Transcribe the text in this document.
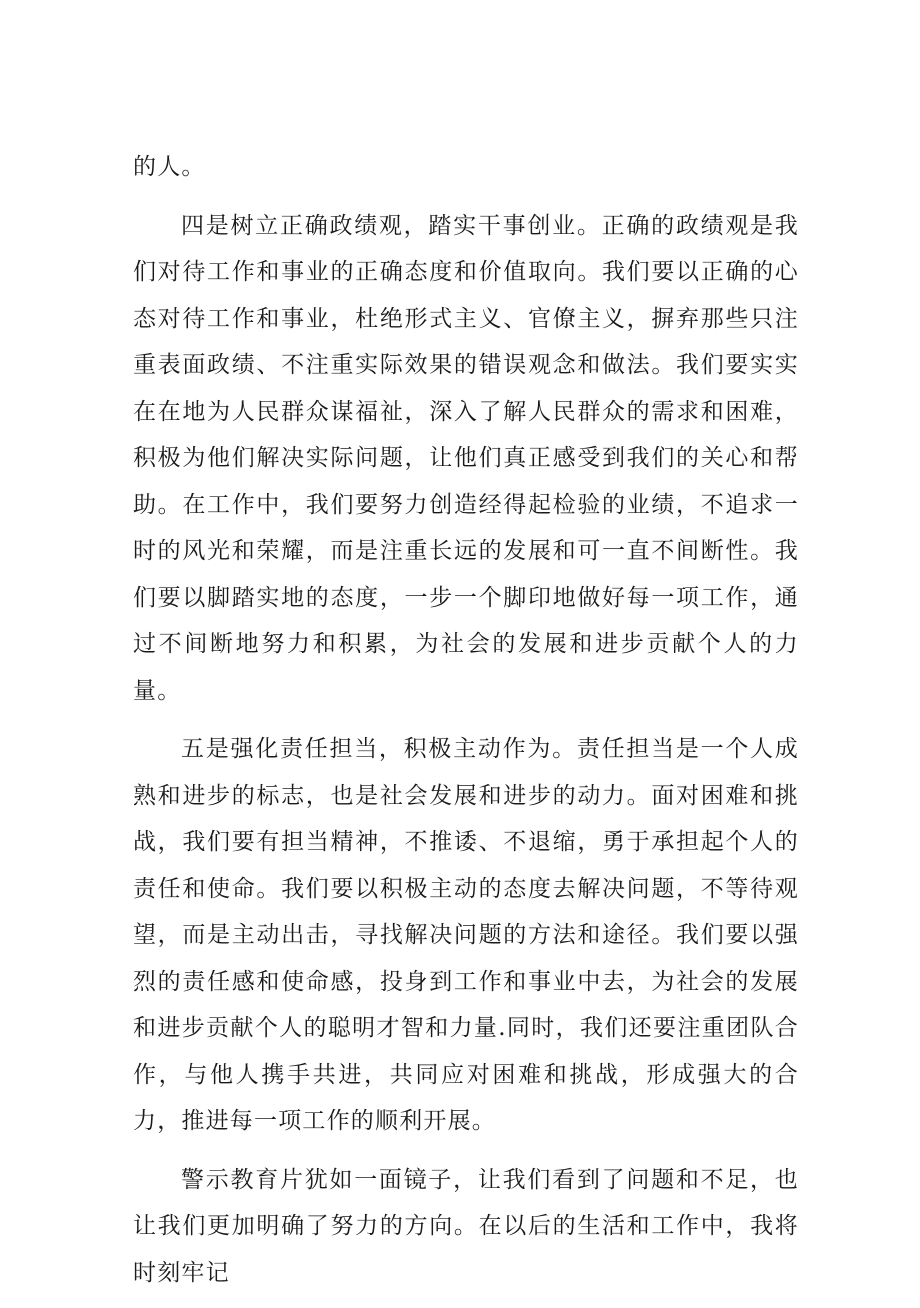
的人。

四是树立正确政绩观，踏实干事创业。正确的政绩观是我们对待工作和事业的正确态度和价值取向。我们要以正确的心态对待工作和事业，杜绝形式主义、官僚主义，摒弃那些只注重表面政绩、不注重实际效果的错误观念和做法。我们要实实在在地为人民群众谋福祉，深入了解人民群众的需求和困难，积极为他们解决实际问题，让他们真正感受到我们的关心和帮助。在工作中，我们要努力创造经得起检验的业绩，不追求一时的风光和荣耀，而是注重长远的发展和可一直不间断性。我们要以脚踏实地的态度，一步一个脚印地做好每一项工作，通过不间断地努力和积累，为社会的发展和进步贡献个人的力量。

五是强化责任担当，积极主动作为。责任担当是一个人成熟和进步的标志，也是社会发展和进步的动力。面对困难和挑战，我们要有担当精神，不推诿、不退缩，勇于承担起个人的责任和使命。我们要以积极主动的态度去解决问题，不等待观望，而是主动出击，寻找解决问题的方法和途径。我们要以强烈的责任感和使命感，投身到工作和事业中去，为社会的发展和进步贡献个人的聪明才智和力量.同时，我们还要注重团队合作，与他人携手共进，共同应对困难和挑战，形成强大的合力，推进每一项工作的顺利开展。

警示教育片犹如一面镜子，让我们看到了问题和不足，也让我们更加明确了努力的方向。在以后的生活和工作中，我将时刻牢记
